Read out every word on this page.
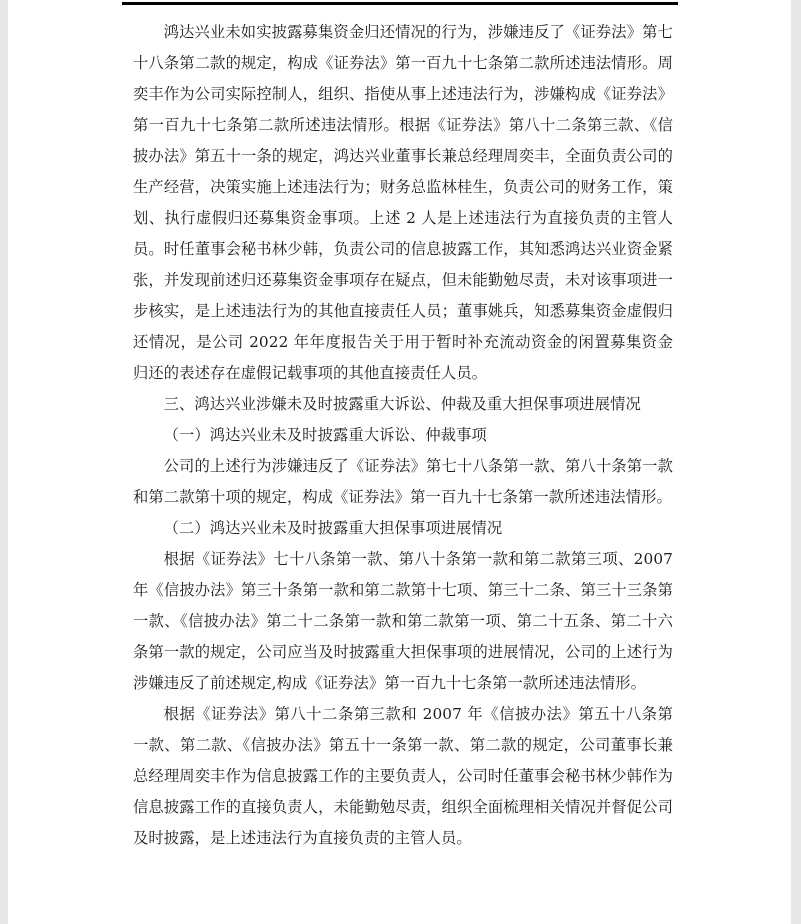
鸿达兴业未如实披露募集资金归还情况的行为，涉嫌违反了《证券法》第七十八条第二款的规定，构成《证券法》第一百九十七条第二款所述违法情形。周奕丰作为公司实际控制人，组织、指使从事上述违法行为，涉嫌构成《证券法》第一百九十七条第二款所述违法情形。根据《证券法》第八十二条第三款、《信披办法》第五十一条的规定，鸿达兴业董事长兼总经理周奕丰，全面负责公司的生产经营，决策实施上述违法行为；财务总监林桂生，负责公司的财务工作，策划、执行虚假归还募集资金事项。上述 2 人是上述违法行为直接负责的主管人员。时任董事会秘书林少韩，负责公司的信息披露工作，其知悉鸿达兴业资金紧张，并发现前述归还募集资金事项存在疑点，但未能勤勉尽责，未对该事项进一步核实，是上述违法行为的其他直接责任人员；董事姚兵，知悉募集资金虚假归还情况，是公司 2022 年年度报告关于用于暂时补充流动资金的闲置募集资金归还的表述存在虚假记载事项的其他直接责任人员。

三、鸿达兴业涉嫌未及时披露重大诉讼、仲裁及重大担保事项进展情况

（一）鸿达兴业未及时披露重大诉讼、仲裁事项

公司的上述行为涉嫌违反了《证券法》第七十八条第一款、第八十条第一款和第二款第十项的规定，构成《证券法》第一百九十七条第一款所述违法情形。

（二）鸿达兴业未及时披露重大担保事项进展情况

根据《证券法》七十八条第一款、第八十条第一款和第二款第三项、2007 年《信披办法》第三十条第一款和第二款第十七项、第三十二条、第三十三条第一款、《信披办法》第二十二条第一款和第二款第一项、第二十五条、第二十六条第一款的规定，公司应当及时披露重大担保事项的进展情况，公司的上述行为涉嫌违反了前述规定,构成《证券法》第一百九十七条第一款所述违法情形。

根据《证券法》第八十二条第三款和 2007 年《信披办法》第五十八条第一款、第二款、《信披办法》第五十一条第一款、第二款的规定，公司董事长兼总经理周奕丰作为信息披露工作的主要负责人，公司时任董事会秘书林少韩作为信息披露工作的直接负责人，未能勤勉尽责，组织全面梳理相关情况并督促公司及时披露，是上述违法行为直接负责的主管人员。
